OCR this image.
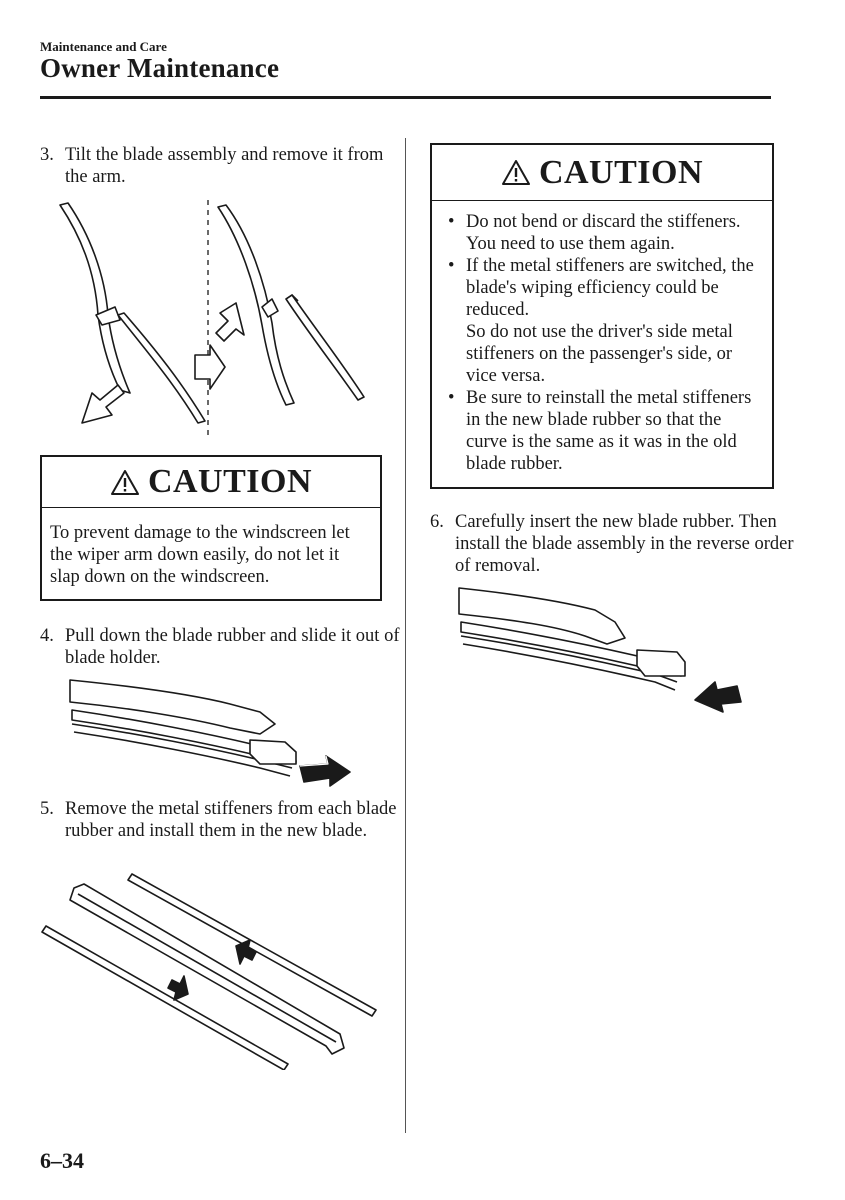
Maintenance and Care
Owner Maintenance
3. Tilt the blade assembly and remove it from the arm.
CAUTION
To prevent damage to the windscreen let the wiper arm down easily, do not let it slap down on the windscreen.
4. Pull down the blade rubber and slide it out of blade holder.
5. Remove the metal stiffeners from each blade rubber and install them in the new blade.
CAUTION
• Do not bend or discard the stiffeners. You need to use them again.
• If the metal stiffeners are switched, the blade's wiping efficiency could be reduced.
So do not use the driver's side metal stiffeners on the passenger's side, or vice versa.
• Be sure to reinstall the metal stiffeners in the new blade rubber so that the curve is the same as it was in the old blade rubber.
6. Carefully insert the new blade rubber. Then install the blade assembly in the reverse order of removal.
6–34
